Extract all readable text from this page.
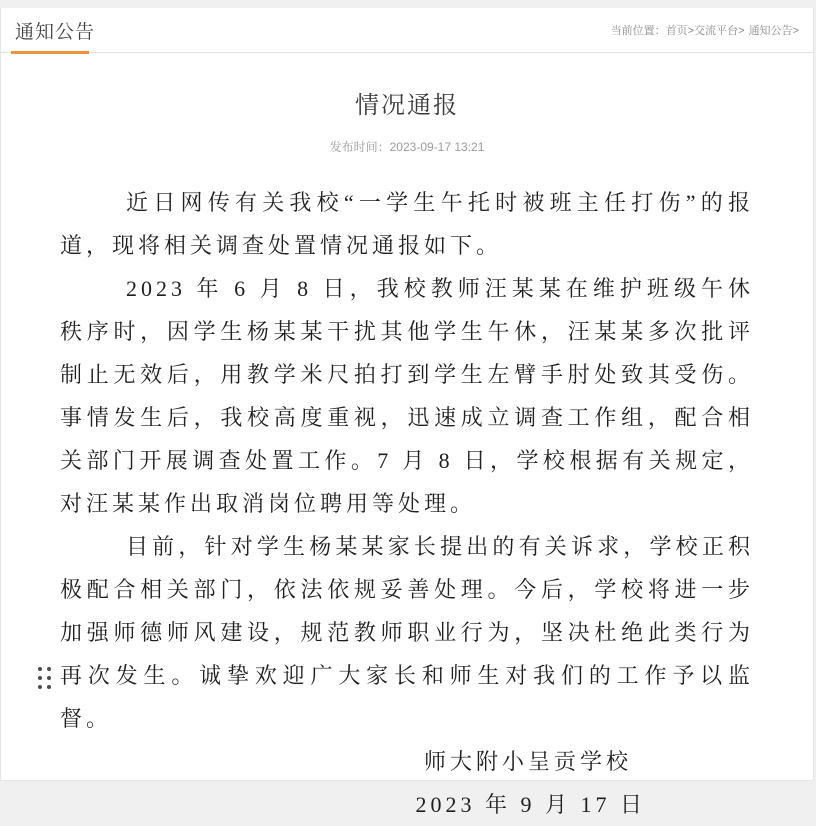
通知公告	当前位置：首页>交流平台> 通知公告>
情况通报
发布时间：2023-09-17 13:21

近日网传有关我校“一学生午托时被班主任打伤”的报道，现将相关调查处置情况通报如下。

2023 年 6 月 8 日，我校教师汪某某在维护班级午休秩序时，因学生杨某某干扰其他学生午休，汪某某多次批评制止无效后，用教学米尺拍打到学生左臂手肘处致其受伤。事情发生后，我校高度重视，迅速成立调查工作组，配合相关部门开展调查处置工作。7 月 8 日，学校根据有关规定，对汪某某作出取消岗位聘用等处理。

目前，针对学生杨某某家长提出的有关诉求，学校正积极配合相关部门，依法依规妥善处理。今后，学校将进一步加强师德师风建设，规范教师职业行为，坚决杜绝此类行为再次发生。诚挚欢迎广大家长和师生对我们的工作予以监督。

师大附小呈贡学校

2023 年 9 月 17 日
